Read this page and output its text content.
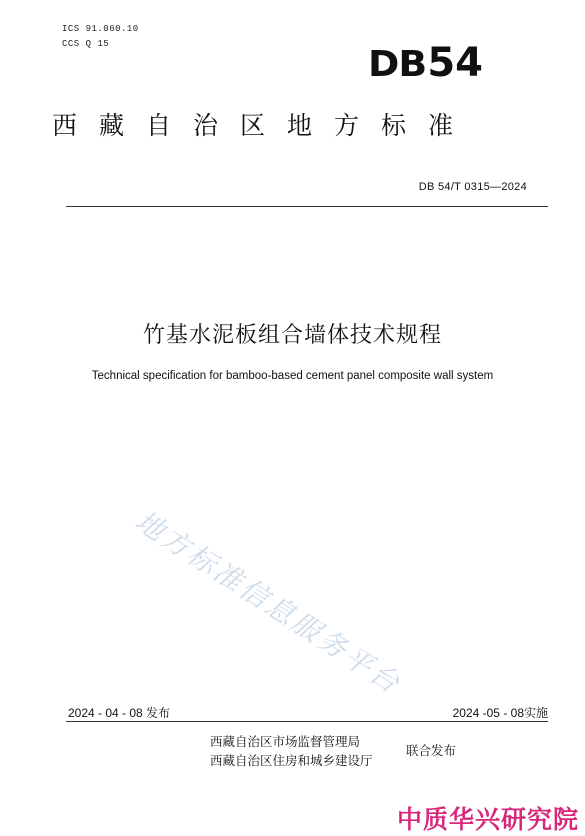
ICS 91.060.10
CCS Q 15	DB54
西藏自治区地方标准
DB 54/T 0315—2024
竹基水泥板组合墙体技术规程
Technical specification for bamboo-based cement panel composite wall system
地方标准信息服务平台
2024 - 04 - 08 发布	2024 -05 - 08实施
西藏自治区市场监督管理局
西藏自治区住房和城乡建设厅
联合发布
中质华兴研究院
